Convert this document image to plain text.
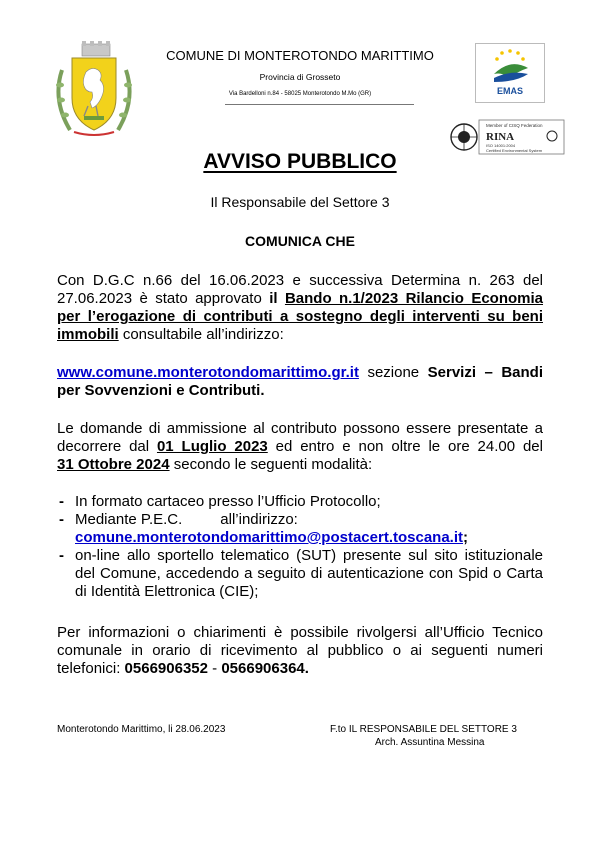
COMUNE DI MONTEROTONDO MARITTIMO
Provincia di Grosseto
Via Bardelloni n.84 - 58025 Monterotondo M.Mo (GR)	EMAS
Member of CISQ Federation
RINA
ISO 14001:2004
Certified Environmental System
AVVISO PUBBLICO
Il Responsabile del Settore 3
COMUNICA CHE
Con D.G.C n.66 del 16.06.2023 e successiva Determina n. 263 del 27.06.2023 è stato approvato il Bando n.1/2023 Rilancio Economia per l’erogazione di contributi a sostegno degli interventi su beni immobili consultabile all’indirizzo:
www.comune.monterotondomarittimo.gr.it sezione Servizi – Bandi per Sovvenzioni e Contributi.
Le domande di ammissione al contributo possono essere presentate a decorrere dal 01 Luglio 2023 ed entro e non oltre le ore 24.00 del 31 Ottobre 2024 secondo le seguenti modalità:
- In formato cartaceo presso l’Ufficio Protocollo;
- Mediante P.E.C.	all’indirizzo:
comune.monterotondomarittimo@postacert.toscana.it;
- on-line allo sportello telematico (SUT) presente sul sito istituzionale del Comune, accedendo a seguito di autenticazione con Spid o Carta di Identità Elettronica (CIE);
Per informazioni o chiarimenti è possibile rivolgersi all’Ufficio Tecnico comunale in orario di ricevimento al pubblico o ai seguenti numeri telefonici: 0566906352 - 0566906364.
Monterotondo Marittimo, li 28.06.2023	F.to IL RESPONSABILE DEL SETTORE 3
Arch. Assuntina Messina
